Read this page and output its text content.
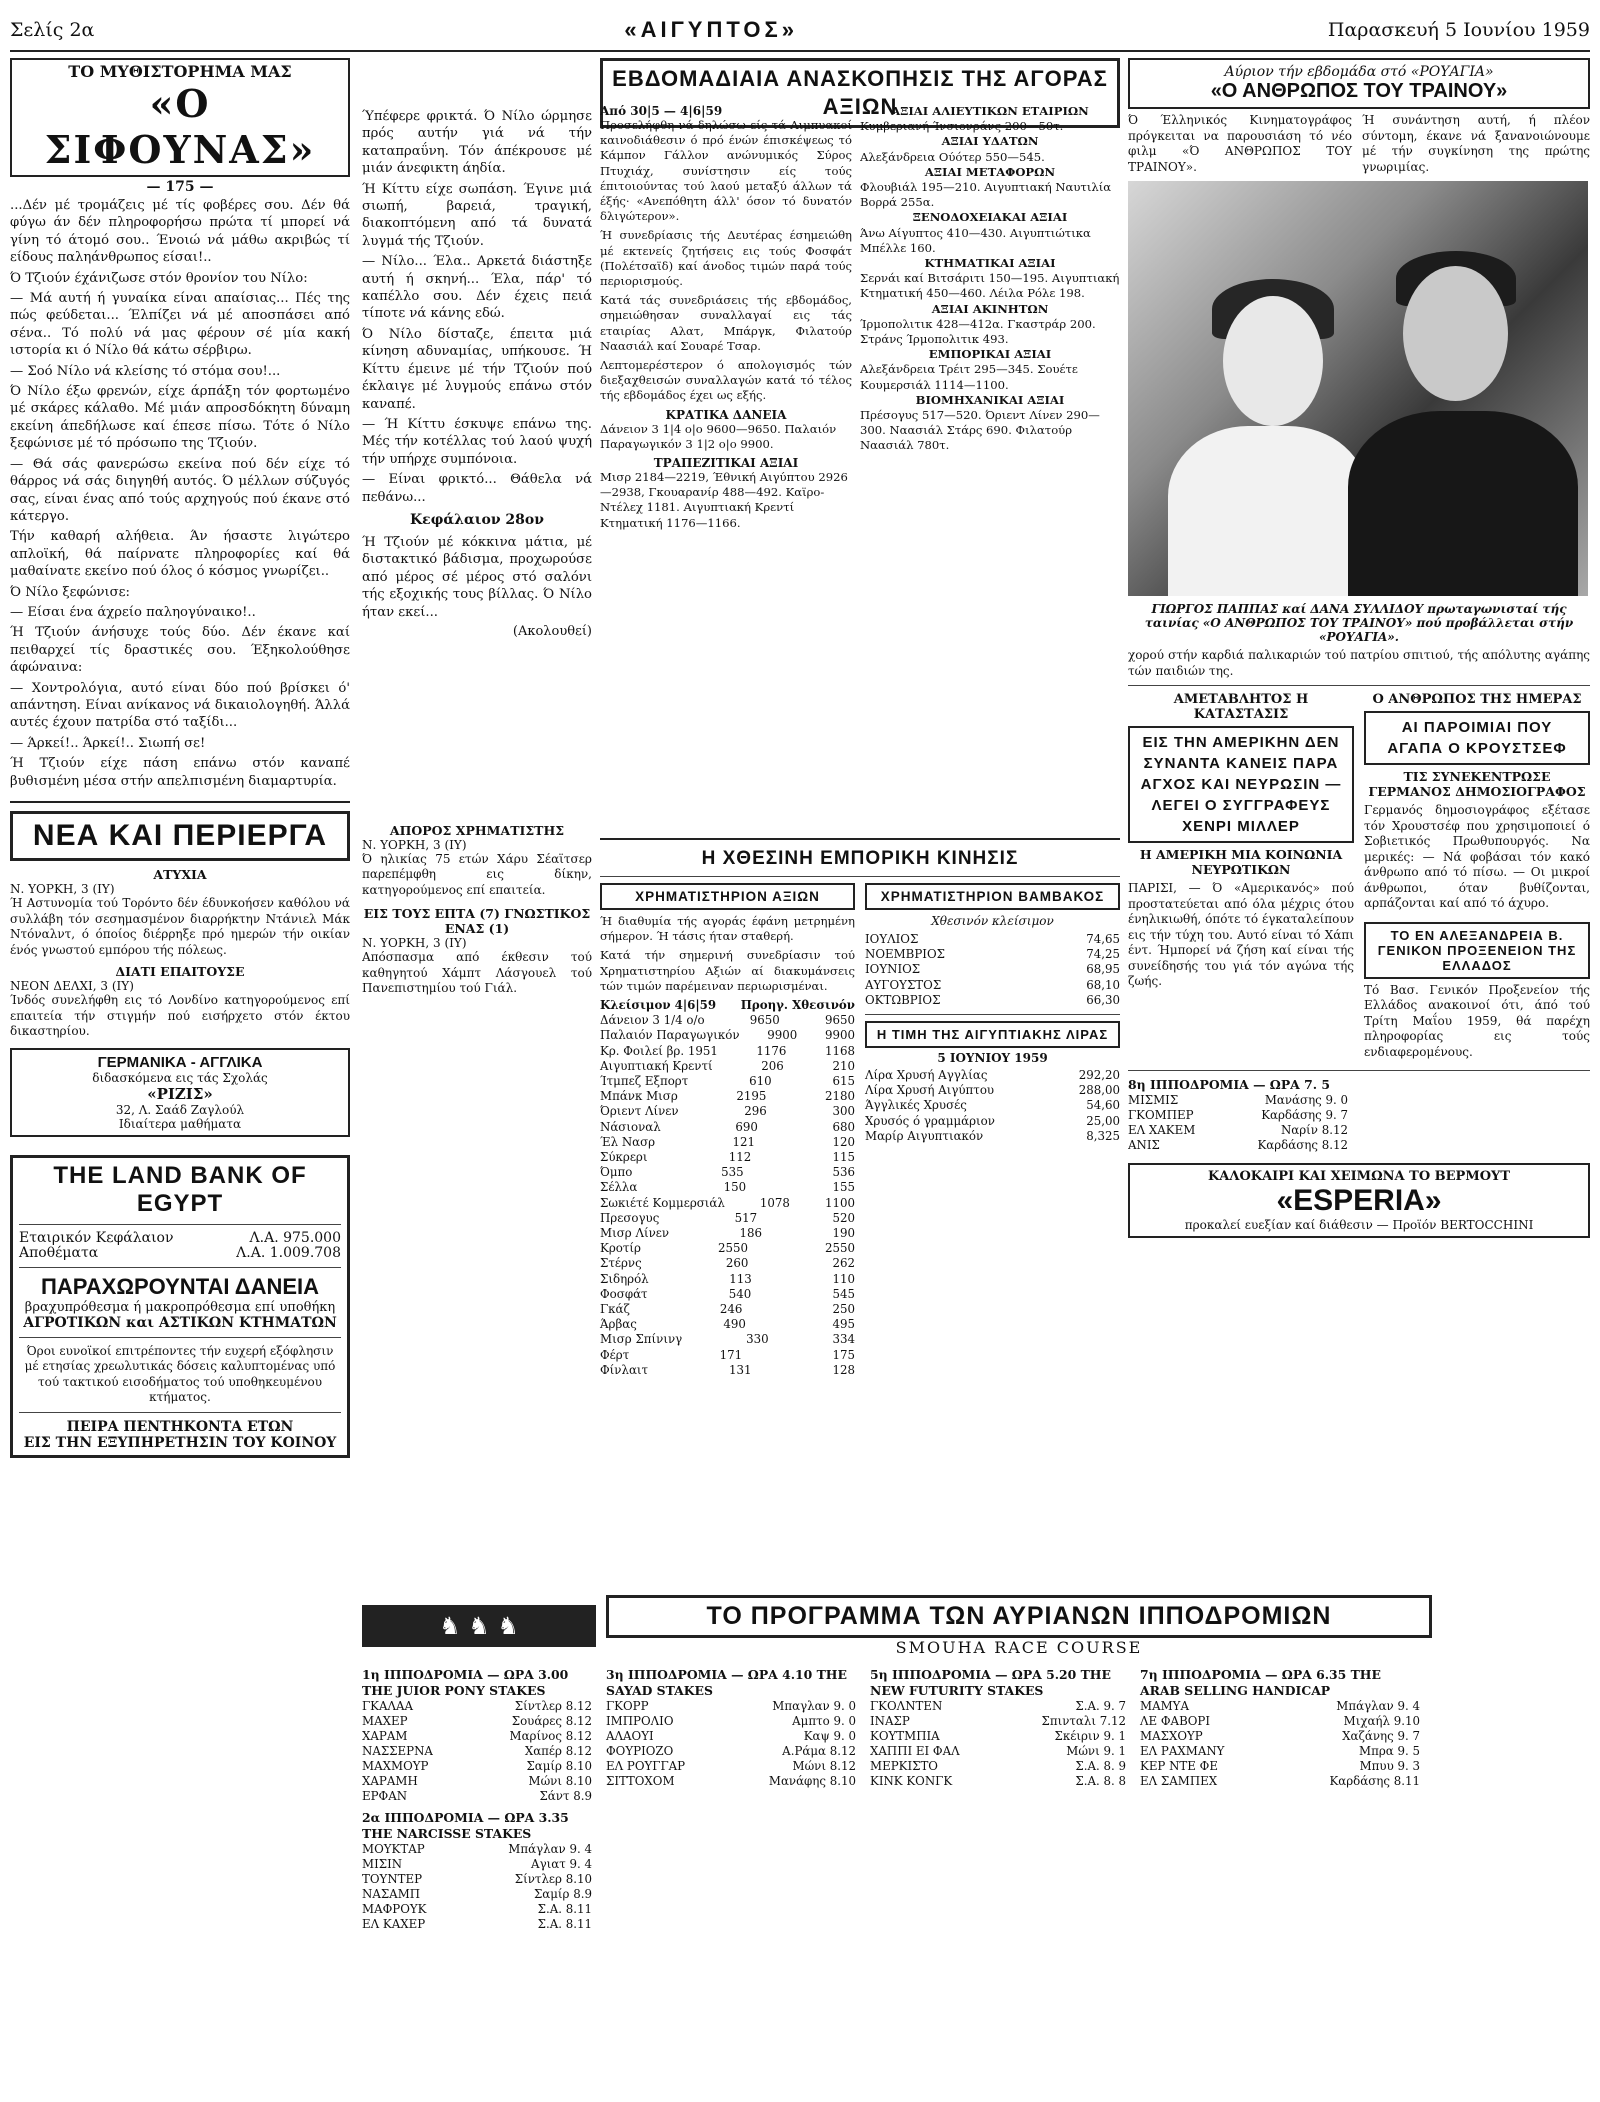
Σελίς 2α	«ΑΙΓΥΠΤΟΣ»	Παρασκευή 5 Ιουνίου 1959
ΤΟ ΜΥΘΙΣΤΟΡΗΜΑ ΜΑΣ
«Ο ΣΙΦΟΥΝΑΣ»
— 175 —

...Δέν μέ τρομάζεις μέ τίς φοβέρες σου. Δέν θά φύγω άν δέν πληροφορήσω πρώτα τί μπορεί νά γίνη τό άτομό σου.. Ένοιώ νά μάθω ακριβώς τί είδους παληάνθρωπος είσαι!..

Ό Τζιούν έχάνιζωσε στόν θρονίον του Νίλο:

— Μά αυτή ή γυναίκα είναι απαίσιας... Πές της πώς φεύδεται... Έλπίζει νά μέ αποσπάσει από σένα.. Τό πολύ νά μας φέρουν σέ μία κακή ιστορία κι ό Νίλο θά κάτω σέρβιρω.

— Σοό Νίλο νά κλείσης τό στόμα σου!...

Ό Νίλο έξω φρενών, είχε άρπάξη τόν φορτωμένο μέ σκάρες κάλαθο. Μέ μιάν απροσδόκητη δύναμη εκείνη άπεδήλωσε καί έπεσε πίσω. Τότε ό Νίλο ξεφώνισε μέ τό πρόσωπο της Τζιούν.

— Θά σάς φανερώσω εκείνα πού δέν είχε τό θάρρος νά σάς διηγηθή αυτός. Ό μέλλων σύζυγός σας, είναι ένας από τούς αρχηγούς πού έκανε στό κάτεργο.

Τήν καθαρή αλήθεια. Άν ήσαστε λιγώτερο απλοϊκή, θά παίρνατε πληροφορίες καί θά μαθαίνατε εκείνο πού όλος ό κόσμος γνωρίζει..

Ό Νίλο ξεφώνισε:

— Είσαι ένα άχρείο παληογύναικο!..

Ή Τζιούν άνήσυχε τούς δύο. Δέν έκανε καί πειθαρχεί τίς δραστικές σου. Έξηκολούθησε άφώναινα:

— Χοντρολόγια, αυτό είναι δύο πού βρίσκει ό' απάντηση. Είναι ανίκανος νά δικαιολογηθή. Άλλά αυτές έχουν πατρίδα στό ταξίδι...

— Άρκεί!.. Άρκεί!.. Σιωπή σε!

Ή Τζιούν είχε πάση επάνω στόν καναπέ βυθισμένη μέσα στήν απελπισμένη διαμαρτυρία.

ΝΕΑ ΚΑΙ ΠΕΡΙΕΡΓΑ
ΑΤΥΧΙΑ
Ν. ΥΟΡΚΗ, 3 (ΙΥ)

Ή Αστυνομία τού Τορόντο δέν έδυνκοήσεν καθόλου νά συλλάβη τόν σεσημασμένον διαρρήκτην Ντάνιελ Μάκ Ντόναλντ, ό όποίος διέρρηξε πρό ημερών τήν οικίαν ένός γνωστού εμπόρου τής πόλεως.

ΔΙΑΤΙ ΕΠΑΙΤΟΥΣΕ
ΝΕΟΝ ΔΕΛΧΙ, 3 (ΙΥ)

Ίνδός συνελήφθη εις τό Λονδίνο κατηγορούμενος επί επαιτεία τήν στιγμήν πού εισήρχετο στόν έκτου δικαστηρίου.

ΓΕΡΜΑΝΙΚΑ - ΑΓΓΛΙΚΑ
διδασκόμενα εις τάς Σχολάς
«ΡΙΖΙΣ»
32, Λ. Σαάδ Ζαγλούλ
Ιδιαίτερα μαθήματα
THE LAND BANK OF EGYPT
Εταιρικόν Κεφάλαιον	Λ.Α. 975.000
Αποθέματα	Λ.Α. 1.009.708
ΠΑΡΑΧΩΡΟΥΝΤΑΙ ΔΑΝΕΙΑ
βραχυπρόθεσμα ή μακροπρόθεσμα επί υποθήκη
ΑΓΡΟΤΙΚΩΝ και ΑΣΤΙΚΩΝ ΚΤΗΜΑΤΩΝ

Όροι ευνοϊκοί επιτρέποντες τήν ευχερή εξόφλησιν μέ ετησίας χρεωλυτικάς δόσεις καλυπτομένας υπό τού τακτικού εισοδήματος τού υποθηκευμένου κτήματος.

ΠΕΙΡΑ ΠΕΝΤΗΚΟΝΤΑ ΕΤΩΝ
ΕΙΣ ΤΗΝ ΕΞΥΠΗΡΕΤΗΣΙΝ ΤΟΥ ΚΟΙΝΟΥ

Ύπέφερε φρικτά. Ό Νίλο ώρμησε πρός αυτήν γιά νά τήν καταπραΰνη. Τόν άπέκρουσε μέ μιάν άνεφικτη άηδία.

Ή Κίττυ είχε σωπάση. Έγινε μιά σιωπή, βαρειά, τραγική, διακοπτόμενη από τά δυνατά λυγμά τής Τζιούν.

— Νίλο... Έλα.. Αρκετά διάστηξε αυτή ή σκηνή... Έλα, πάρ' τό καπέλλο σου. Δέν έχεις πειά τίποτε νά κάνης εδώ.

Ό Νίλο δίσταζε, έπειτα μιά κίνηση αδυναμίας, υπήκουσε. Ή Κίττυ έμεινε μέ τήν Τζιούν πού έκλαιγε μέ λυγμούς επάνω στόν καναπέ.

— Ή Κίττυ έσκυψε επάνω της. Μές τήν κοτέλλας τού λαού ψυχή τήν υπήρχε συμπόνοια.

— Είναι φρικτό... Θάθελα νά πεθάνω...

Κεφάλαιον 28ον

Ή Τζιούν μέ κόκκινα μάτια, μέ διστακτικό βάδισμα, προχωρούσε από μέρος σέ μέρος στό σαλόνι τής εξοχικής τους βίλλας. Ό Νίλο ήταν εκεί...

(Ακολουθεί)
ΑΠΟΡΟΣ ΧΡΗΜΑΤΙΣΤΗΣ
Ν. ΥΟΡΚΗ, 3 (ΙΥ)

Ό ηλικίας 75 ετών Χάρυ Σέαϊτσερ παρεπέμφθη εις δίκην, κατηγορούμενος επί επαιτεία.

ΕΙΣ ΤΟΥΣ ΕΠΤΑ (7) ΓΝΩΣΤΙΚΟΣ ΕΝΑΣ (1)
Ν. ΥΟΡΚΗ, 3 (ΙΥ)

Απόσπασμα από έκθεσιν τού καθηγητού Χάμπτ Λάσγουελ τού Πανεπιστημίου τού Γιάλ.

ΕΒΔΟΜΑΔΙΑΙΑ ΑΝΑΣΚΟΠΗΣΙΣ ΤΗΣ ΑΓΟΡΑΣ ΑΞΙΩΝ
Από 30|5 — 4|6|59

Προσελήφθη νά δηλώσω είς τά Λιμπυακοί καινοδιάθεσιν ό πρό ένών έπισκέψεως τό Κάμπον Γάλλον ανώνυμικός Σύρος Πτυχιάχ, συνίστησιν είς τούς έπιτοιούντας τού λαού μεταξύ άλλων τά έξής· «Ανεπόθητη άλλ' όσον τό δυνατόν δλιγώτερον».

Ή συνεδρίασις τής Δευτέρας έσημειώθη μέ εκτενείς ζητήσεις εις τούς Φοσφάτ (Πολέτσαϊδ) καί άνοδος τιμών παρά τούς περιορισμούς.

Κατά τάς συνεδριάσεις τής εβδομάδος, σημειώθησαν συναλλαγαί εις τάς εταιρίας Αλατ, Μπάργκ, Φιλατούρ Ναασιάλ καί Σουαρέ Τσαρ.

Λεπτομερέστερον ό απολογισμός τών διεξαχθεισών συναλλαγών κατά τό τέλος τής εβδομάδος έχει ως εξής.

ΚΡΑΤΙΚΑ ΔΑΝΕΙΑ

Δάνειον 3 1|4 ο|ο 9600—9650. Παλαιόν Παραγωγικόν 3 1|2 ο|ο 9900.

ΤΡΑΠΕΖΙΤΙΚΑΙ ΑΞΙΑΙ

Μισρ 2184—2219, Έθνική Αιγύπτου 2926—2938, Γκουαρανίρ 488—492. Καϊρο-Ντέλεχ 1181. Αιγυπτιακή Κρεντί Κτηματική 1176—1166.

ΑΞΙΑΙ ΑΛΙΕΥΤΙΚΩΝ ΕΤΑΙΡΙΩΝ
Κυμβεριανή Ίνσιονράνς 200—50τ.
ΑΞΙΑΙ ΥΔΑΤΩΝ
Αλεξάνδρεια Ούότερ 550—545.
ΑΞΙΑΙ ΜΕΤΑΦΟΡΩΝ
Φλουβιάλ 195—210. Αιγυπτιακή Ναυτιλία Βορρά 255α.
ΞΕΝΟΔΟΧΕΙΑΚΑΙ ΑΞΙΑΙ
Άνω Αίγυπτος 410—430. Αιγυπτιώτικα Μπέλλε 160.
ΚΤΗΜΑΤΙΚΑΙ ΑΞΙΑΙ
Σερνάι καί Βιτσάριτι 150—195. Αιγυπτιακή Κτηματική 450—460. Λέιλα Ρόλε 198.
ΑΞΙΑΙ ΑΚΙΝΗΤΩΝ
Ίρμοπολιτικ 428—412α. Γκαστράρ 200. Στράνς Ίρμοπολιτικ 493.
ΕΜΠΟΡΙΚΑΙ ΑΞΙΑΙ
Αλεξάνδρεια Τρέιτ 295—345. Σουέτε Κουμερσιάλ 1114—1100.
ΒΙΟΜΗΧΑΝΙΚΑΙ ΑΞΙΑΙ
Πρέσογυς 517—520. Όριεντ Λίνεν 290—300. Ναασιάλ Στάρς 690. Φιλατούρ Ναασιάλ 780τ.
Η ΧΘΕΣΙΝΗ ΕΜΠΟΡΙΚΗ ΚΙΝΗΣΙΣ
ΧΡΗΜΑΤΙΣΤΗΡΙΟΝ ΑΞΙΩΝ

Ή διαθυμία τής αγοράς έφάνη μετρημένη σήμερον. Ή τάσις ήταν σταθερή.

Κατά τήν σημερινή συνεδρίασιν τού Χρηματιστηρίου Αξιών αί διακυμάνσεις τών τιμών παρέμειναν περιωρισμέναι.

Κλείσιμον 4|6|59 Προηγ. Χθεσινόν
Δάνειον 3 1/4 ο/ο	9650	9650
Παλαιόν Παραγωγικόν 9900 9900
Κρ. Φοιλεί βρ. 1951	1176	1168
Αιγυπτιακή Κρεντί	206	210
Ίτμπεζ Εξπορτ	610	615
Μπάνκ Μισρ	2195	2180
Όριεντ Λίνεν	296	300
Νάσιοναλ	690	680
Έλ Νασρ	121	120
Σύκρερι	112	115
Όμπο	535	536
Σέλλα	150	155
Σωκιέτέ Κομμερσιάλ	1078	1100
Πρεσογυς	517	520
Μισρ Λίνεν	186	190
Κροτίρ	2550	2550
Στέρνς	260	262
Σιδηρόλ	113	110
Φοσφάτ	540	545
Γκάζ	246	250
Άρβας	490	495
Μισρ Σπίνινγ	330	334
Φέρτ	171	175
Φίνλαιτ	131	128
ΧΡΗΜΑΤΙΣΤΗΡΙΟΝ ΒΑΜΒΑΚΟΣ
Χθεσινόν κλείσιμον
ΙΟΥΛΙΟΣ	74,65
ΝΟΕΜΒΡΙΟΣ	74,25
ΙΟΥΝΙΟΣ	68,95
ΑΥΓΟΥΣΤΟΣ	68,10
ΟΚΤΩΒΡΙΟΣ	66,30
Η ΤΙΜΗ ΤΗΣ ΑΙΓΥΠΤΙΑΚΗΣ ΛΙΡΑΣ
5 ΙΟΥΝΙΟΥ 1959
Λίρα Χρυσή Αγγλίας	292,20
Λίρα Χρυσή Αιγύπτου	288,00
Άγγλικές Χρυσές	54,60
Χρυσός ό γραμμάριον	25,00
Μαρίρ Αιγυπτιακόν	8,325
♞ ♞ ♞	ΤΟ ΠΡΟΓΡΑΜΜΑ ΤΩΝ ΑΥΡΙΑΝΩΝ ΙΠΠΟΔΡΟΜΙΩΝ
SMOUHA RACE COURSE
1η ΙΠΠΟΔΡΟΜΙΑ — ΩΡΑ 3.00 THE JUIOR PONY STAKES
ΓΚΑΛΑΑ	Σίντλερ 8.12
ΜΑΧΕΡ	Σουάρες 8.12
ΧΑΡΑΜ	Μαρίνος 8.12
ΝΑΣΣΕΡΝΑ	Χαπέρ 8.12
ΜΑΧΜΟΥΡ	Σαμίρ 8.10
ΧΑΡΑΜΗ	Μώνι 8.10
ΕΡΦΑΝ	Σάντ 8.9
2α ΙΠΠΟΔΡΟΜΙΑ — ΩΡΑ 3.35 THE NARCISSE STAKES
ΜΟΥΚΤΑΡ	Μπάγλαν 9. 4
ΜΙΣΙΝ	Αγιατ 9. 4
ΤΟΥΝΤΕΡ	Σίντλερ 8.10
ΝΑΣΑΜΠ	Σαμίρ 8.9
ΜΑΦΡΟΥΚ	Σ.Α. 8.11
ΕΛ ΚΑΧΕΡ	Σ.Α. 8.11
3η ΙΠΠΟΔΡΟΜΙΑ — ΩΡΑ 4.10 THE SAYAD STAKES
ΓΚΟΡΡ	Μπαγλαν 9. 0
ΙΜΠΡΟΛΙΟ	Αμπτο 9. 0
ΑΛΑΟΥΙ	Καψ 9. 0
ΦΟΥΡΙΟΖΟ	Α.Ράμα 8.12
ΕΛ ΡΟΥΓΓΑΡ	Μώνι 8.12
ΣΙΤΤΟΧΟΜ	Μανάφης 8.10
5η ΙΠΠΟΔΡΟΜΙΑ — ΩΡΑ 5.20 THE NEW FUTURITY STAKES
ΓΚΟΛΝΤΕΝ	Σ.Α. 9. 7
ΙΝΑΣΡ	Σπινταλι 7.12
ΚΟΥΤΜΠΙΑ	Σκέιριν 9. 1
ΧΑΠΠΙ ΕΙ ΦΑΛ	Μώνι 9. 1
ΜΕΡΚΙΣΤΟ	Σ.Α. 8. 9
ΚΙΝΚ ΚΟΝΓΚ	Σ.Α. 8. 8
7η ΙΠΠΟΔΡΟΜΙΑ — ΩΡΑ 6.35 THE ARAB SELLING HANDICAP
ΜΑΜΥΑ	Μπάγλαν 9. 4
ΛΕ ΦΑΒΟΡΙ	Μιχαήλ 9.10
ΜΑΣΧΟΥΡ	Χαζάνης 9. 7
ΕΛ ΡΑΧΜΑΝΥ	Μπρα 9. 5
ΚΕΡ ΝΤΕ ΦΕ	Μπυυ 9. 3
ΕΛ ΣΑΜΠΕΧ	Καρδάσης 8.11
Αύριον τήν εβδομάδα στό «ΡΟΥΑΓΙΑ»
«Ο ΑΝΘΡΩΠΟΣ ΤΟΥ ΤΡΑΙΝΟΥ»

Ό Έλληνικός Κινηματογράφος πρόγκειται να παρουσιάση τό νέο φιλμ «Ό ΑΝΘΡΩΠΟΣ ΤΟΥ ΤΡΑΙΝΟΥ».

Ή συνάντηση αυτή, ή πλέον σύντομη, έκανε νά ξανανοιώνουμε μέ τήν συγκίνηση της πρώτης γνωριμίας.

ΓΙΩΡΓΟΣ ΠΑΠΠΑΣ καί ΔΑΝΑ ΣΥΛΛΙΔΟΥ πρωταγωνισταί τής ταινίας «Ο ΑΝΘΡΩΠΟΣ ΤΟΥ ΤΡΑΙΝΟΥ» πού προβάλλεται στήν «ΡΟΥΑΓΙΑ».

χορού στήν καρδιά παλικαριών τού πατρίου σπιτιού, τής απόλυτης αγάπης τών παιδιών της.

ΑΜΕΤΑΒΛΗΤΟΣ Η ΚΑΤΑΣΤΑΣΙΣ
ΕΙΣ ΤΗΝ ΑΜΕΡΙΚΗΝ ΔΕΝ ΣΥΝΑΝΤΑ ΚΑΝΕΙΣ ΠΑΡΑ ΑΓΧΟΣ ΚΑΙ ΝΕΥΡΩΣΙΝ — ΛΕΓΕΙ Ο ΣΥΓΓΡΑΦΕΥΣ ΧΕΝΡΙ ΜΙΛΛΕΡ
Η ΑΜΕΡΙΚΗ ΜΙΑ ΚΟΙΝΩΝΙΑ ΝΕΥΡΩΤΙΚΩΝ

ΠΑΡΙΣΙ, — Ό «Αμερικανός» πού προστατεύεται από όλα μέχρις ότου ένηλικιωθή, όπότε τό έγκαταλείπουν εις τήν τύχη του. Αυτό είναι τό Χάπι έντ. Ήμπορεί νά ζήση καί είναι τής συνείδησής του γιά τόν αγώνα τής ζωής.

Ο ΑΝΘΡΩΠΟΣ ΤΗΣ ΗΜΕΡΑΣ
ΑΙ ΠΑΡΟΙΜΙΑΙ ΠΟΥ ΑΓΑΠΑ Ο ΚΡΟΥΣΤΣΕΦ
ΤΙΣ ΣΥΝΕΚΕΝΤΡΩΣΕ ΓΕΡΜΑΝΟΣ ΔΗΜΟΣΙΟΓΡΑΦΟΣ

Γερμανός δημοσιογράφος εξέτασε τόν Χρουστσέφ που χρησιμοποιεί ό Σοβιετικός Πρωθυπουργός. Να μερικές: — Νά φοβάσαι τόν κακό άνθρωπο από τό πίσω. — Οι μικροί άνθρωποι, όταν βυθίζονται, αρπάζονται καί από τό άχυρο.

ΤΟ ΕΝ ΑΛΕΞΑΝΔΡΕΙΑ Β. ΓΕΝΙΚΟΝ ΠΡΟΞΕΝΕΙΟΝ ΤΗΣ ΕΛΛΑΔΟΣ

Τό Βασ. Γενικόν Προξενείον τής Ελλάδος ανακοινοί ότι, άπό τού Τρίτη Μαΐου 1959, θά παρέχη πληροφορίας εις τούς ενδιαφερομένους.

8η ΙΠΠΟΔΡΟΜΙΑ — ΩΡΑ 7. 5
ΜΙΣΜΙΣ	Μανάσης 9. 0
ΓΚΟΜΠΕΡ	Καρδάσης 9. 7
ΕΛ ΧΑΚΕΜ	Ναρίν 8.12
ΑΝΙΣ	Καρδάσης 8.12
ΚΑΛΟΚΑΙΡΙ ΚΑΙ ΧΕΙΜΩΝΑ ΤΟ ΒΕΡΜΟΥΤ
«ESPERIA»
προκαλεί ευεξίαν καί διάθεσιν — Προϊόν BERTOCCHINI
